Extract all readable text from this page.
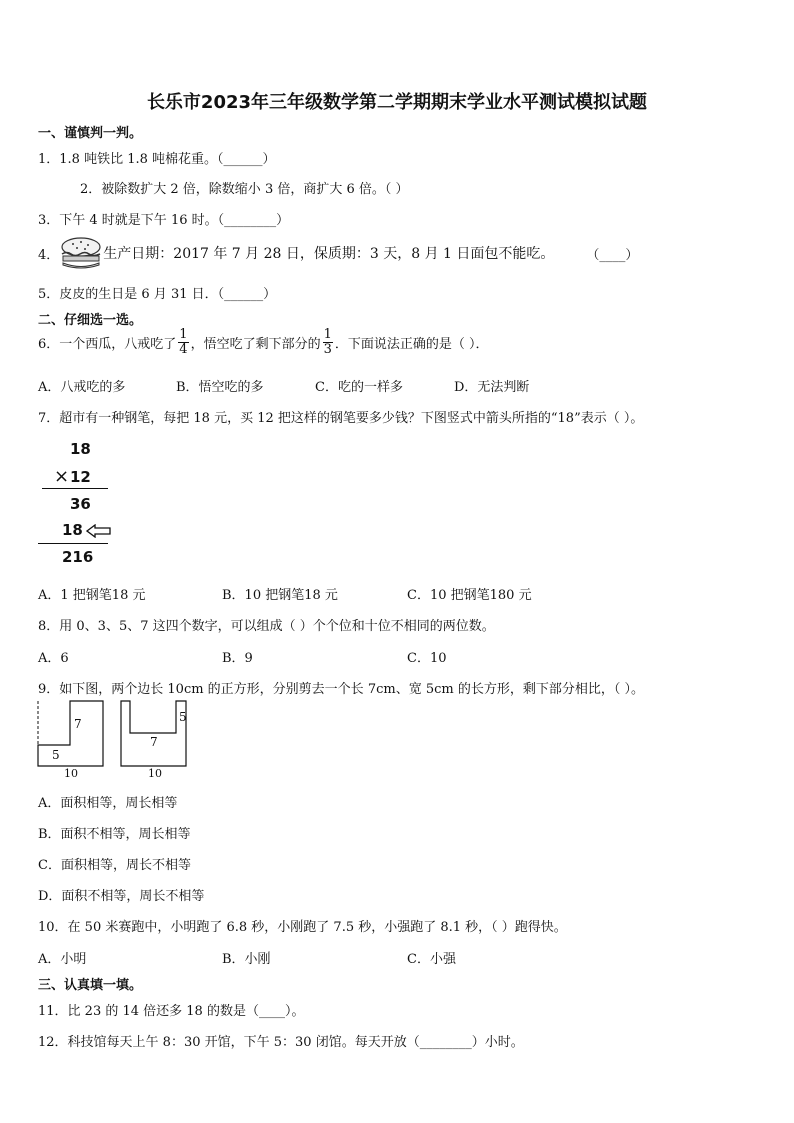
长乐市2023年三年级数学第二学期期末学业水平测试模拟试题
一、谨慎判一判。
1．1.8 吨铁比 1.8 吨棉花重。（______）
2．被除数扩大 2 倍，除数缩小 3 倍，商扩大 6 倍。（ ）
3．下午 4 时就是下午 16 时。（________）
4．	生产日期：2017 年 7 月 28 日，保质期：3 天，8 月 1 日面包不能吃。 （____）
5．皮皮的生日是 6 月 31 日．（______）
二、仔细选一选。
6．一个西瓜，八戒吃了 $\frac{1}{4}$ ，悟空吃了剩下部分的 $\frac{1}{3}$ ．下面说法正确的是（ ）．
A．八戒吃的多	B．悟空吃的多	C．吃的一样多	D．无法判断
7．超市有一种钢笔，每把 18 元，买 12 把这样的钢笔要多少钱？下图竖式中箭头所指的“18”表示（ ）。
18
× 12
36
18
216
A．1 把钢笔18 元	B．10 把钢笔18 元	C．10 把钢笔180 元
8．用 0、3、5、7 这四个数字，可以组成（ ）个个位和十位不相同的两位数。
A．6	B．9	C．10
9．如下图，两个边长 10cm 的正方形，分别剪去一个长 7cm、宽 5cm 的长方形，剩下部分相比，（ ）。
7
5
10
5
7
10
A．面积相等，周长相等
B．面积不相等，周长相等
C．面积相等，周长不相等
D．面积不相等，周长不相等
10．在 50 米赛跑中，小明跑了 6.8 秒，小刚跑了 7.5 秒，小强跑了 8.1 秒，（ ）跑得快。
A．小明	B．小刚	C．小强
三、认真填一填。
11．比 23 的 14 倍还多 18 的数是（____）。
12．科技馆每天上午 8：30 开馆，下午 5：30 闭馆。每天开放（________）小时。
